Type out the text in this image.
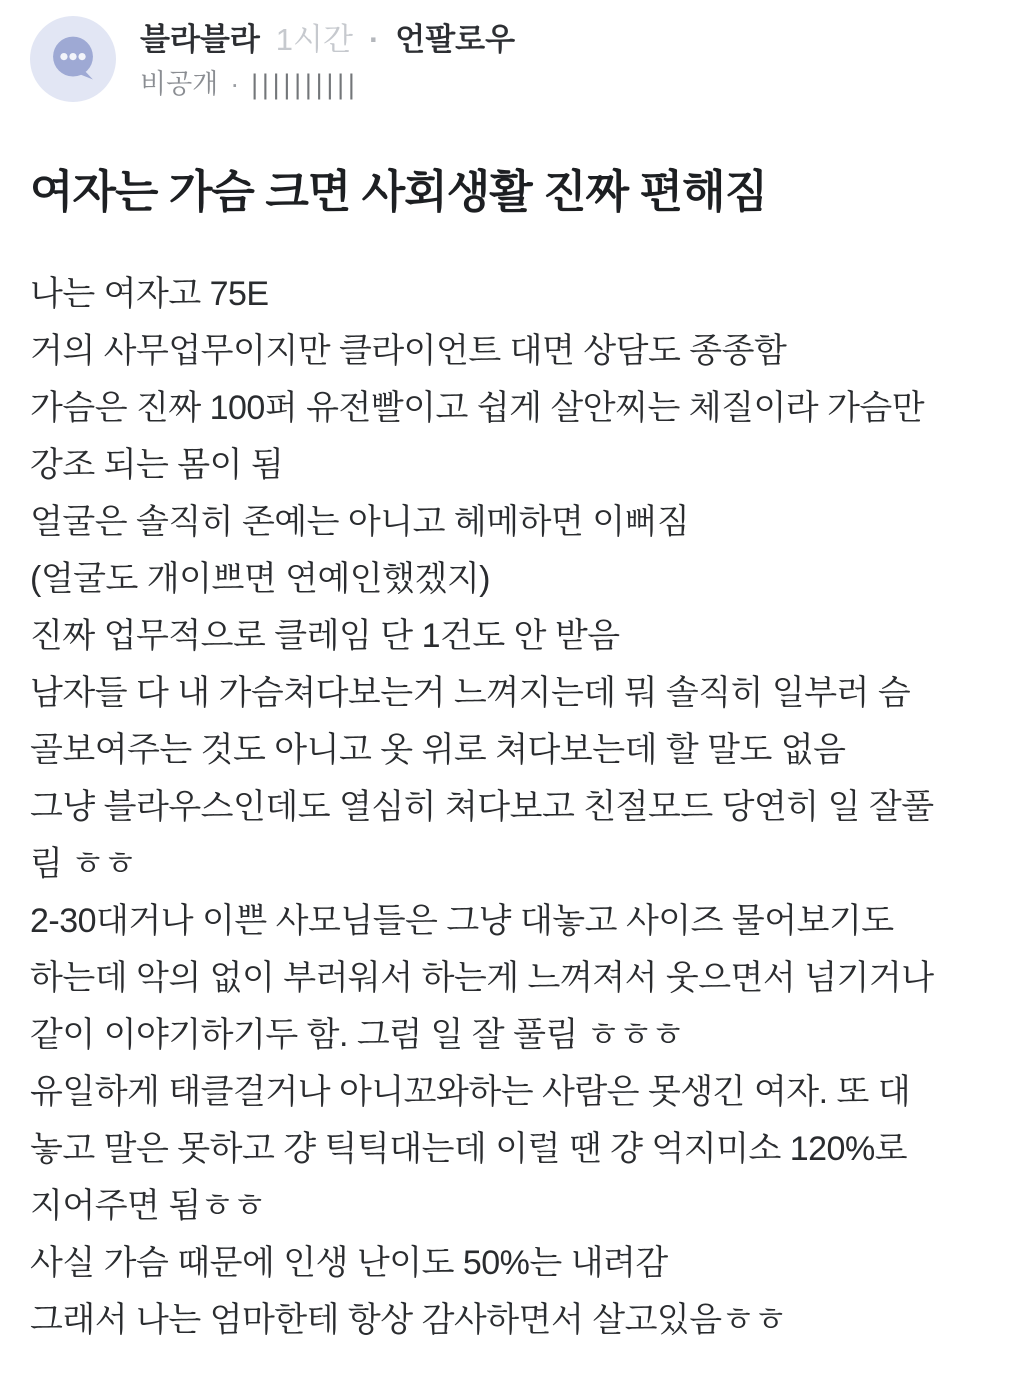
블라블라 1시간 · 언팔로우
비공개 · ||||||||||
여자는 가슴 크면 사회생활 진짜 편해짐
나는 여자고 75E
거의 사무업무이지만 클라이언트 대면 상담도 종종함
가슴은 진짜 100퍼 유전빨이고 쉽게 살안찌는 체질이라 가슴만
강조 되는 몸이 됨
얼굴은 솔직히 존예는 아니고 헤메하면 이뻐짐
(얼굴도 개이쁘면 연예인했겠지)
진짜 업무적으로 클레임 단 1건도 안 받음
남자들 다 내 가슴쳐다보는거 느껴지는데 뭐 솔직히 일부러 슴
골보여주는 것도 아니고 옷 위로 쳐다보는데 할 말도 없음
그냥 블라우스인데도 열심히 쳐다보고 친절모드 당연히 일 잘풀
림 ㅎㅎ
2-30대거나 이쁜 사모님들은 그냥 대놓고 사이즈 물어보기도
하는데 악의 없이 부러워서 하는게 느껴져서 웃으면서 넘기거나
같이 이야기하기두 함. 그럼 일 잘 풀림 ㅎㅎㅎ
유일하게 태클걸거나 아니꼬와하는 사람은 못생긴 여자. 또 대
놓고 말은 못하고 걍 틱틱대는데 이럴 땐 걍 억지미소 120%로
지어주면 됨ㅎㅎ
사실 가슴 때문에 인생 난이도 50%는 내려감
그래서 나는 엄마한테 항상 감사하면서 살고있음ㅎㅎ
